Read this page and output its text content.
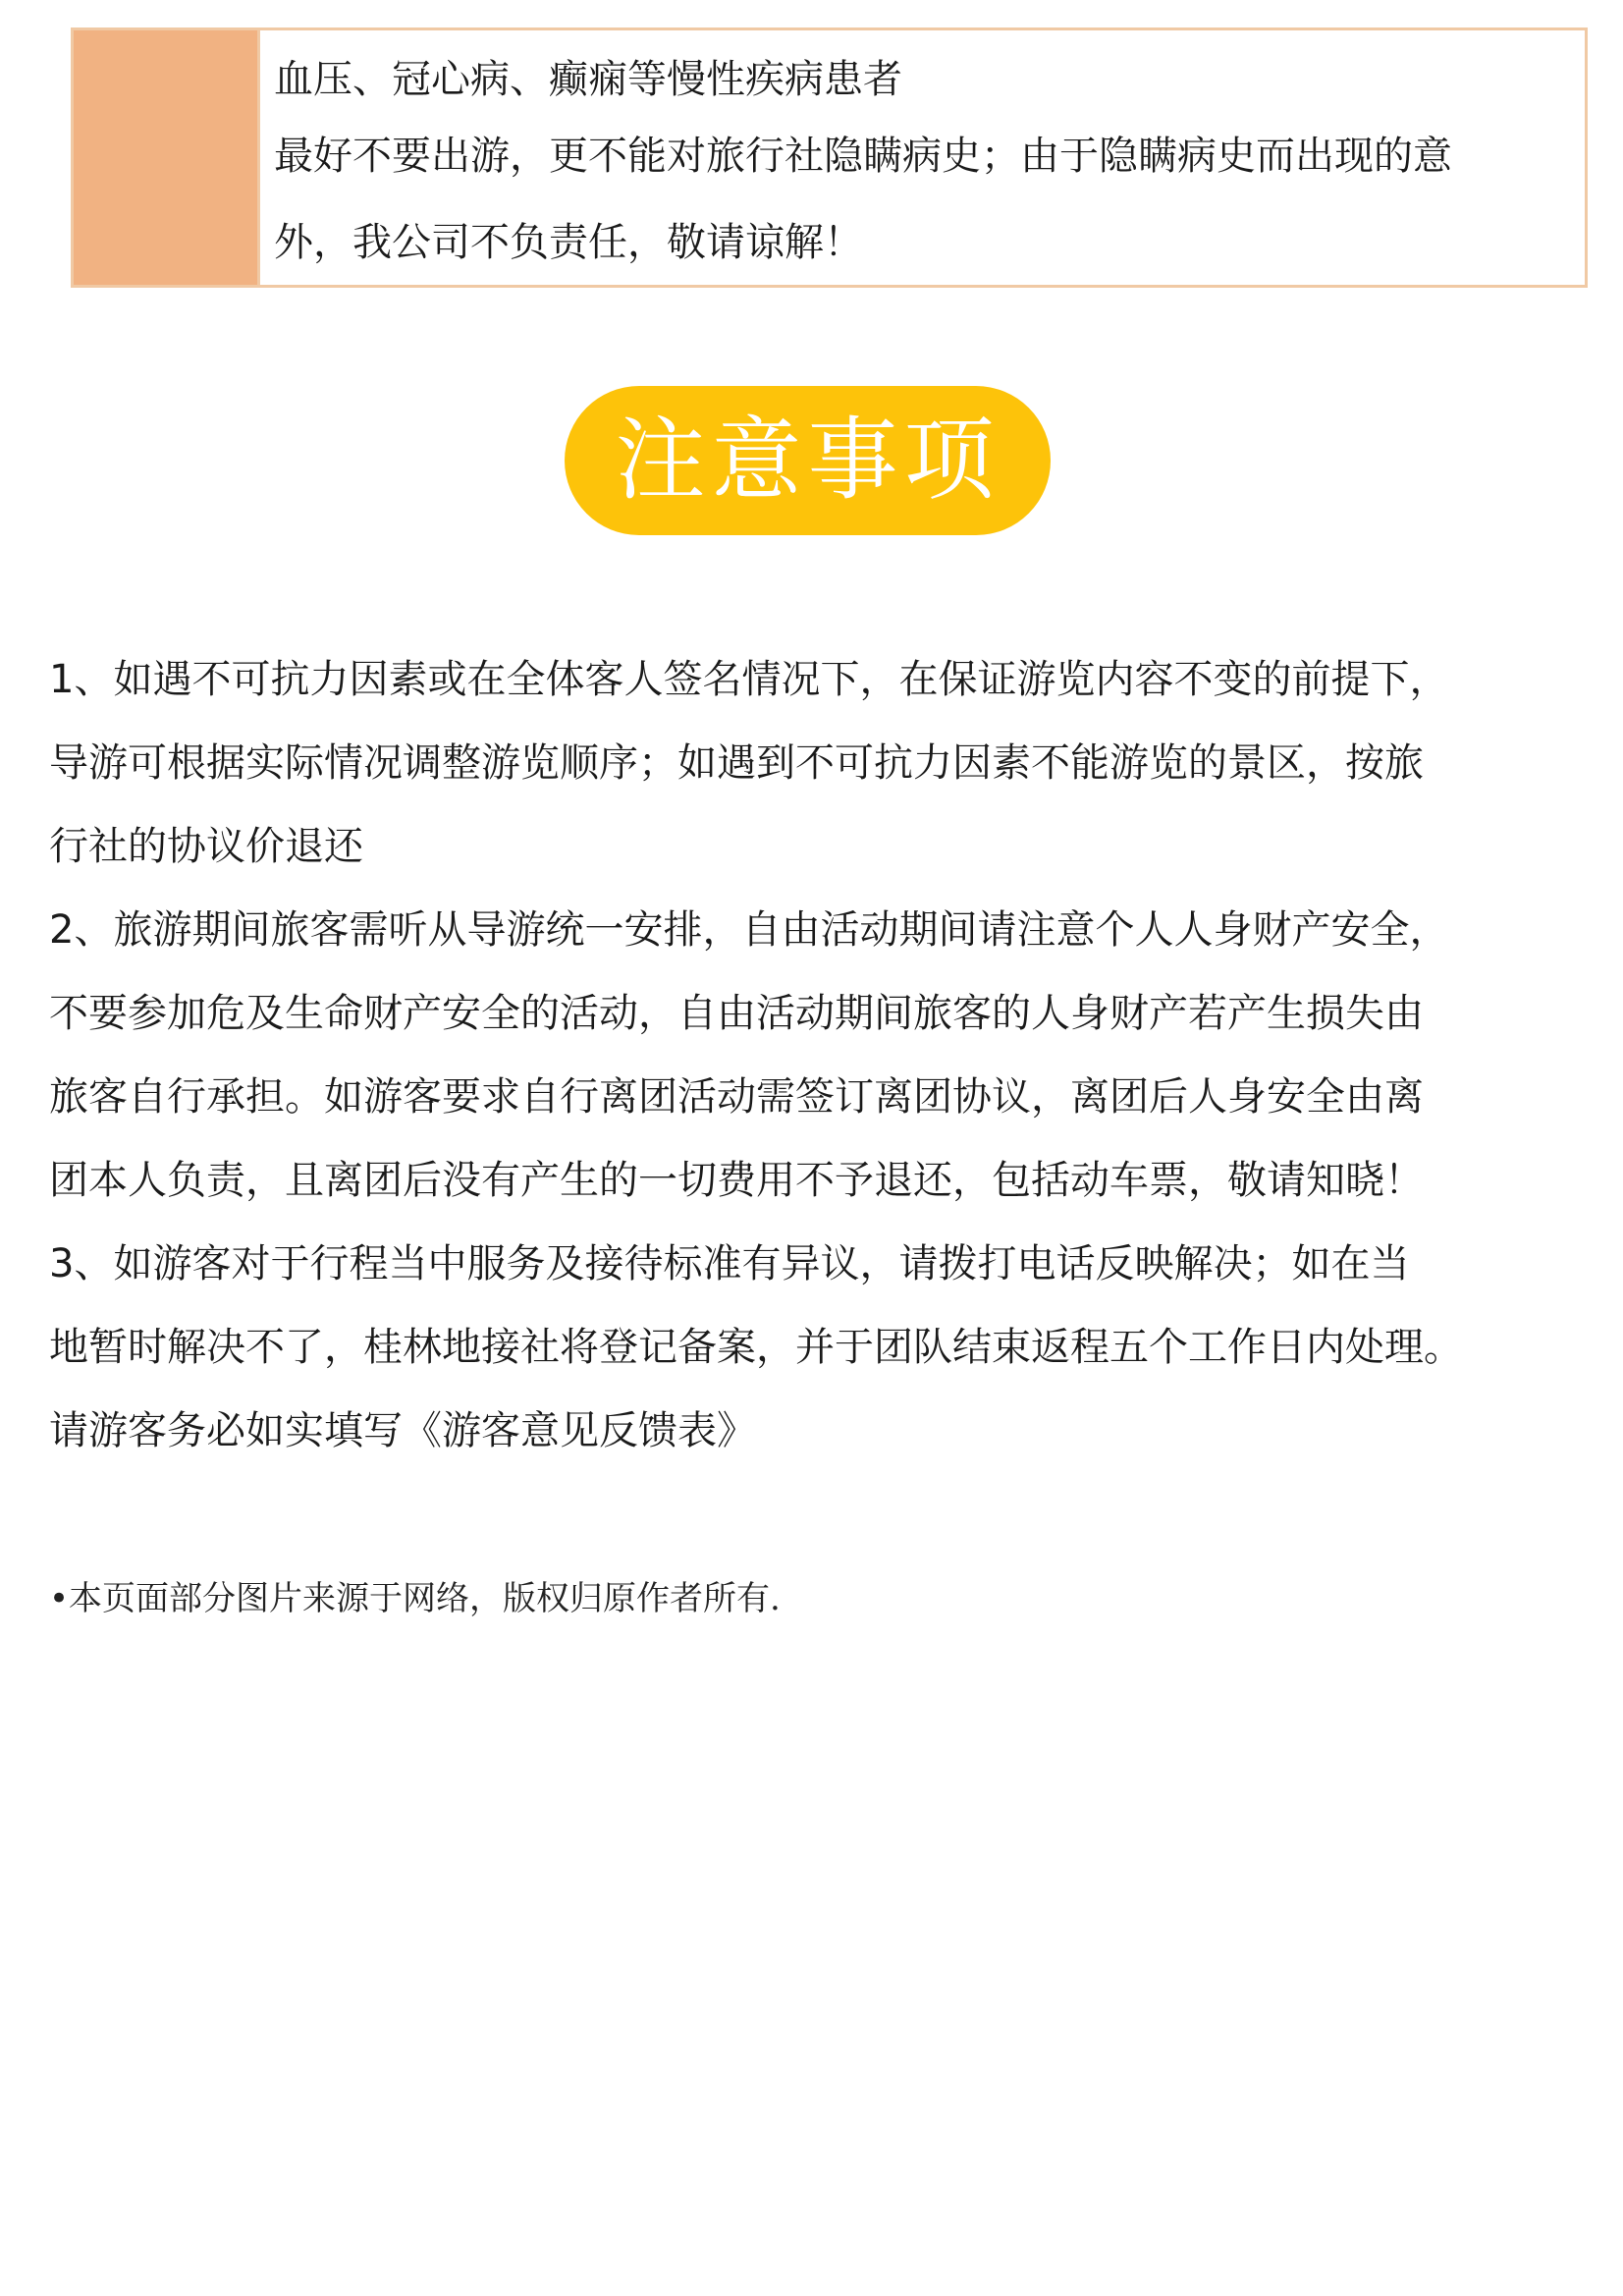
血压、冠心病、癫痫等慢性疾病患者
最好不要出游，更不能对旅行社隐瞒病史；由于隐瞒病史而出现的意
外，我公司不负责任，敬请谅解！
注意事项
1、如遇不可抗力因素或在全体客人签名情况下，在保证游览内容不变的前提下，
导游可根据实际情况调整游览顺序；如遇到不可抗力因素不能游览的景区，按旅
行社的协议价退还
2、旅游期间旅客需听从导游统一安排，自由活动期间请注意个人人身财产安全，
不要参加危及生命财产安全的活动，自由活动期间旅客的人身财产若产生损失由
旅客自行承担。如游客要求自行离团活动需签订离团协议，离团后人身安全由离
团本人负责，且离团后没有产生的一切费用不予退还，包括动车票，敬请知晓！
3、如游客对于行程当中服务及接待标准有异议，请拨打电话反映解决；如在当
地暂时解决不了，桂林地接社将登记备案，并于团队结束返程五个工作日内处理。
请游客务必如实填写《游客意见反馈表》
•本页面部分图片来源于网络，版权归原作者所有.
